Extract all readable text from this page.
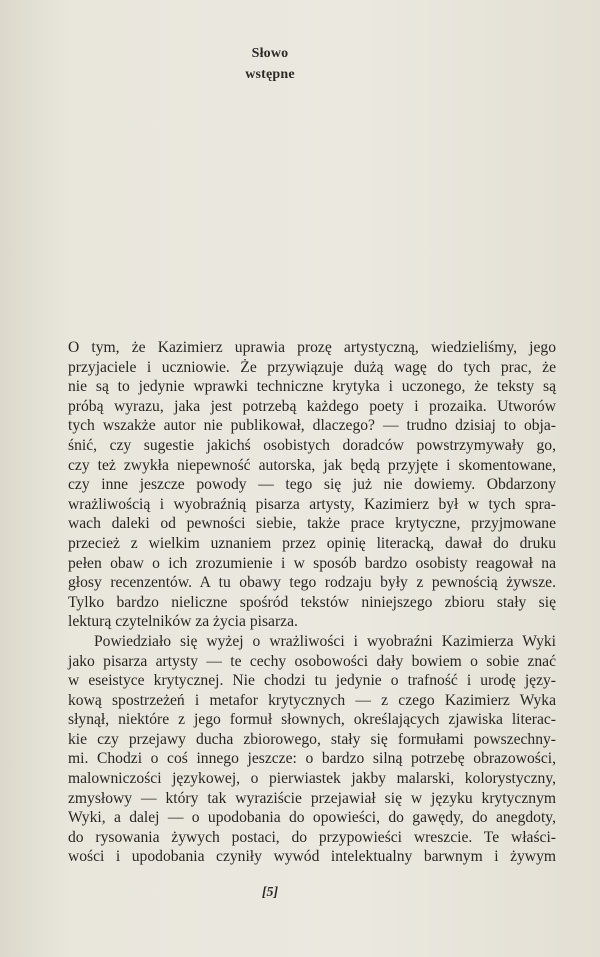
Słowo
wstępne
O tym, że Kazimierz uprawia prozę artystyczną, wiedzieliśmy, jego
przyjaciele i uczniowie. Że przywiązuje dużą wagę do tych prac, że
nie są to jedynie wprawki techniczne krytyka i uczonego, że teksty są
próbą wyrazu, jaka jest potrzebą każdego poety i prozaika. Utworów
tych wszakże autor nie publikował, dlaczego? — trudno dzisiaj to obja-
śnić, czy sugestie jakichś osobistych doradców powstrzymywały go,
czy też zwykła niepewność autorska, jak będą przyjęte i skomentowane,
czy inne jeszcze powody — tego się już nie dowiemy. Obdarzony
wrażliwością i wyobraźnią pisarza artysty, Kazimierz był w tych spra-
wach daleki od pewności siebie, także prace krytyczne, przyjmowane
przecież z wielkim uznaniem przez opinię literacką, dawał do druku
pełen obaw o ich zrozumienie i w sposób bardzo osobisty reagował na
głosy recenzentów. A tu obawy tego rodzaju były z pewnością żywsze.
Tylko bardzo nieliczne spośród tekstów niniejszego zbioru stały się
lekturą czytelników za życia pisarza.
Powiedziało się wyżej o wrażliwości i wyobraźni Kazimierza Wyki
jako pisarza artysty — te cechy osobowości dały bowiem o sobie znać
w eseistyce krytycznej. Nie chodzi tu jedynie o trafność i urodę języ-
kową spostrzeżeń i metafor krytycznych — z czego Kazimierz Wyka
słynął, niektóre z jego formuł słownych, określających zjawiska literac-
kie czy przejawy ducha zbiorowego, stały się formułami powszechny-
mi. Chodzi o coś innego jeszcze: o bardzo silną potrzebę obrazowości,
malowniczości językowej, o pierwiastek jakby malarski, kolorystyczny,
zmysłowy — który tak wyraziście przejawiał się w języku krytycznym
Wyki, a dalej — o upodobania do opowieści, do gawędy, do anegdoty,
do rysowania żywych postaci, do przypowieści wreszcie. Te właści-
wości i upodobania czyniły wywód intelektualny barwnym i żywym
[5]
